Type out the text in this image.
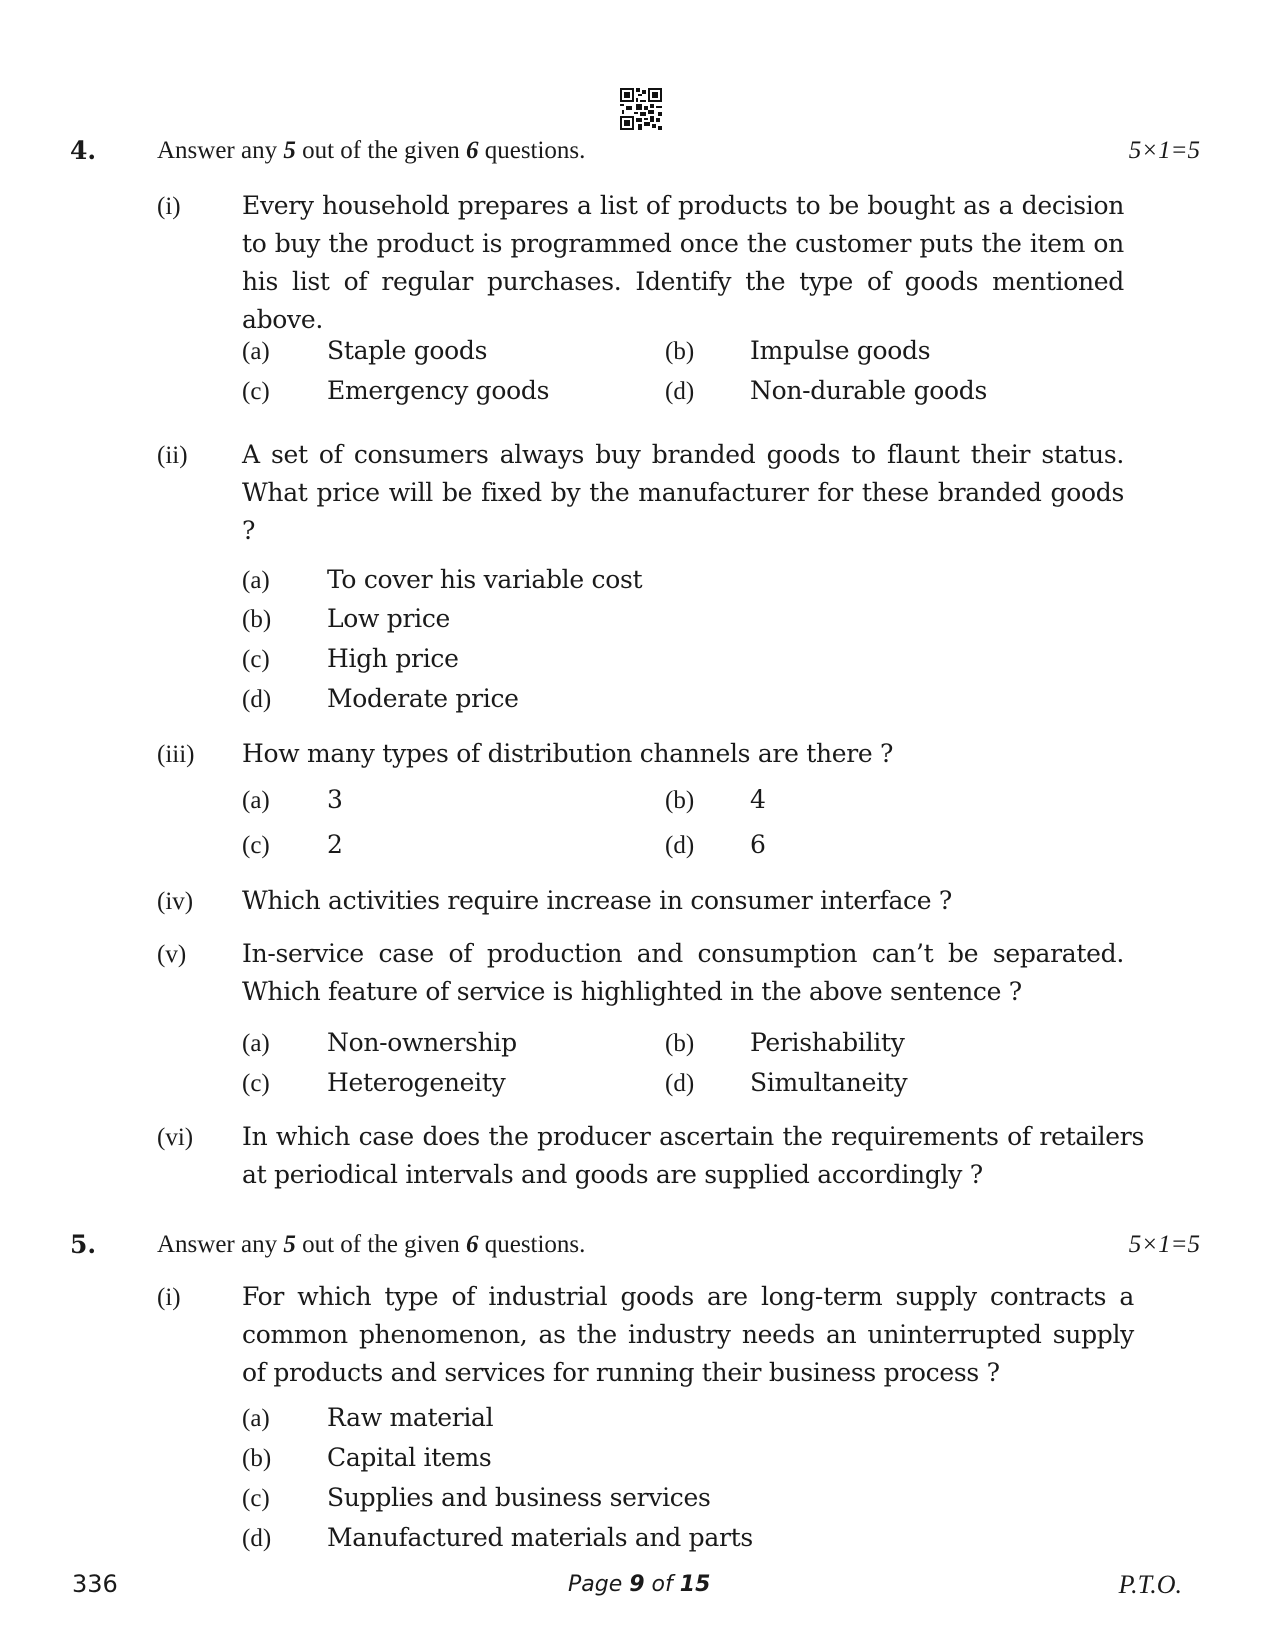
4. Answer any 5 out of the given 6 questions.	5×1=5
(i) Every household prepares a list of products to be bought as a decision to buy the product is programmed once the customer puts the item on his list of regular purchases. Identify the type of goods mentioned above.
(a) Staple goods	(b) Impulse goods
(c) Emergency goods	(d) Non-durable goods
(ii) A set of consumers always buy branded goods to flaunt their status. What price will be fixed by the manufacturer for these branded goods ?
(a) To cover his variable cost
(b) Low price
(c) High price
(d) Moderate price
(iii) How many types of distribution channels are there ?
(a) 3	(b) 4
(c) 2	(d) 6
(iv) Which activities require increase in consumer interface ?
(v) In-service case of production and consumption can’t be separated. Which feature of service is highlighted in the above sentence ?
(a) Non-ownership	(b) Perishability
(c) Heterogeneity	(d) Simultaneity
(vi) In which case does the producer ascertain the requirements of retailers at periodical intervals and goods are supplied accordingly ?
5. Answer any 5 out of the given 6 questions.	5×1=5
(i) For which type of industrial goods are long-term supply contracts a common phenomenon, as the industry needs an uninterrupted supply of products and services for running their business process ?
(a) Raw material
(b) Capital items
(c) Supplies and business services
(d) Manufactured materials and parts
336	Page 9 of 15	P.T.O.
